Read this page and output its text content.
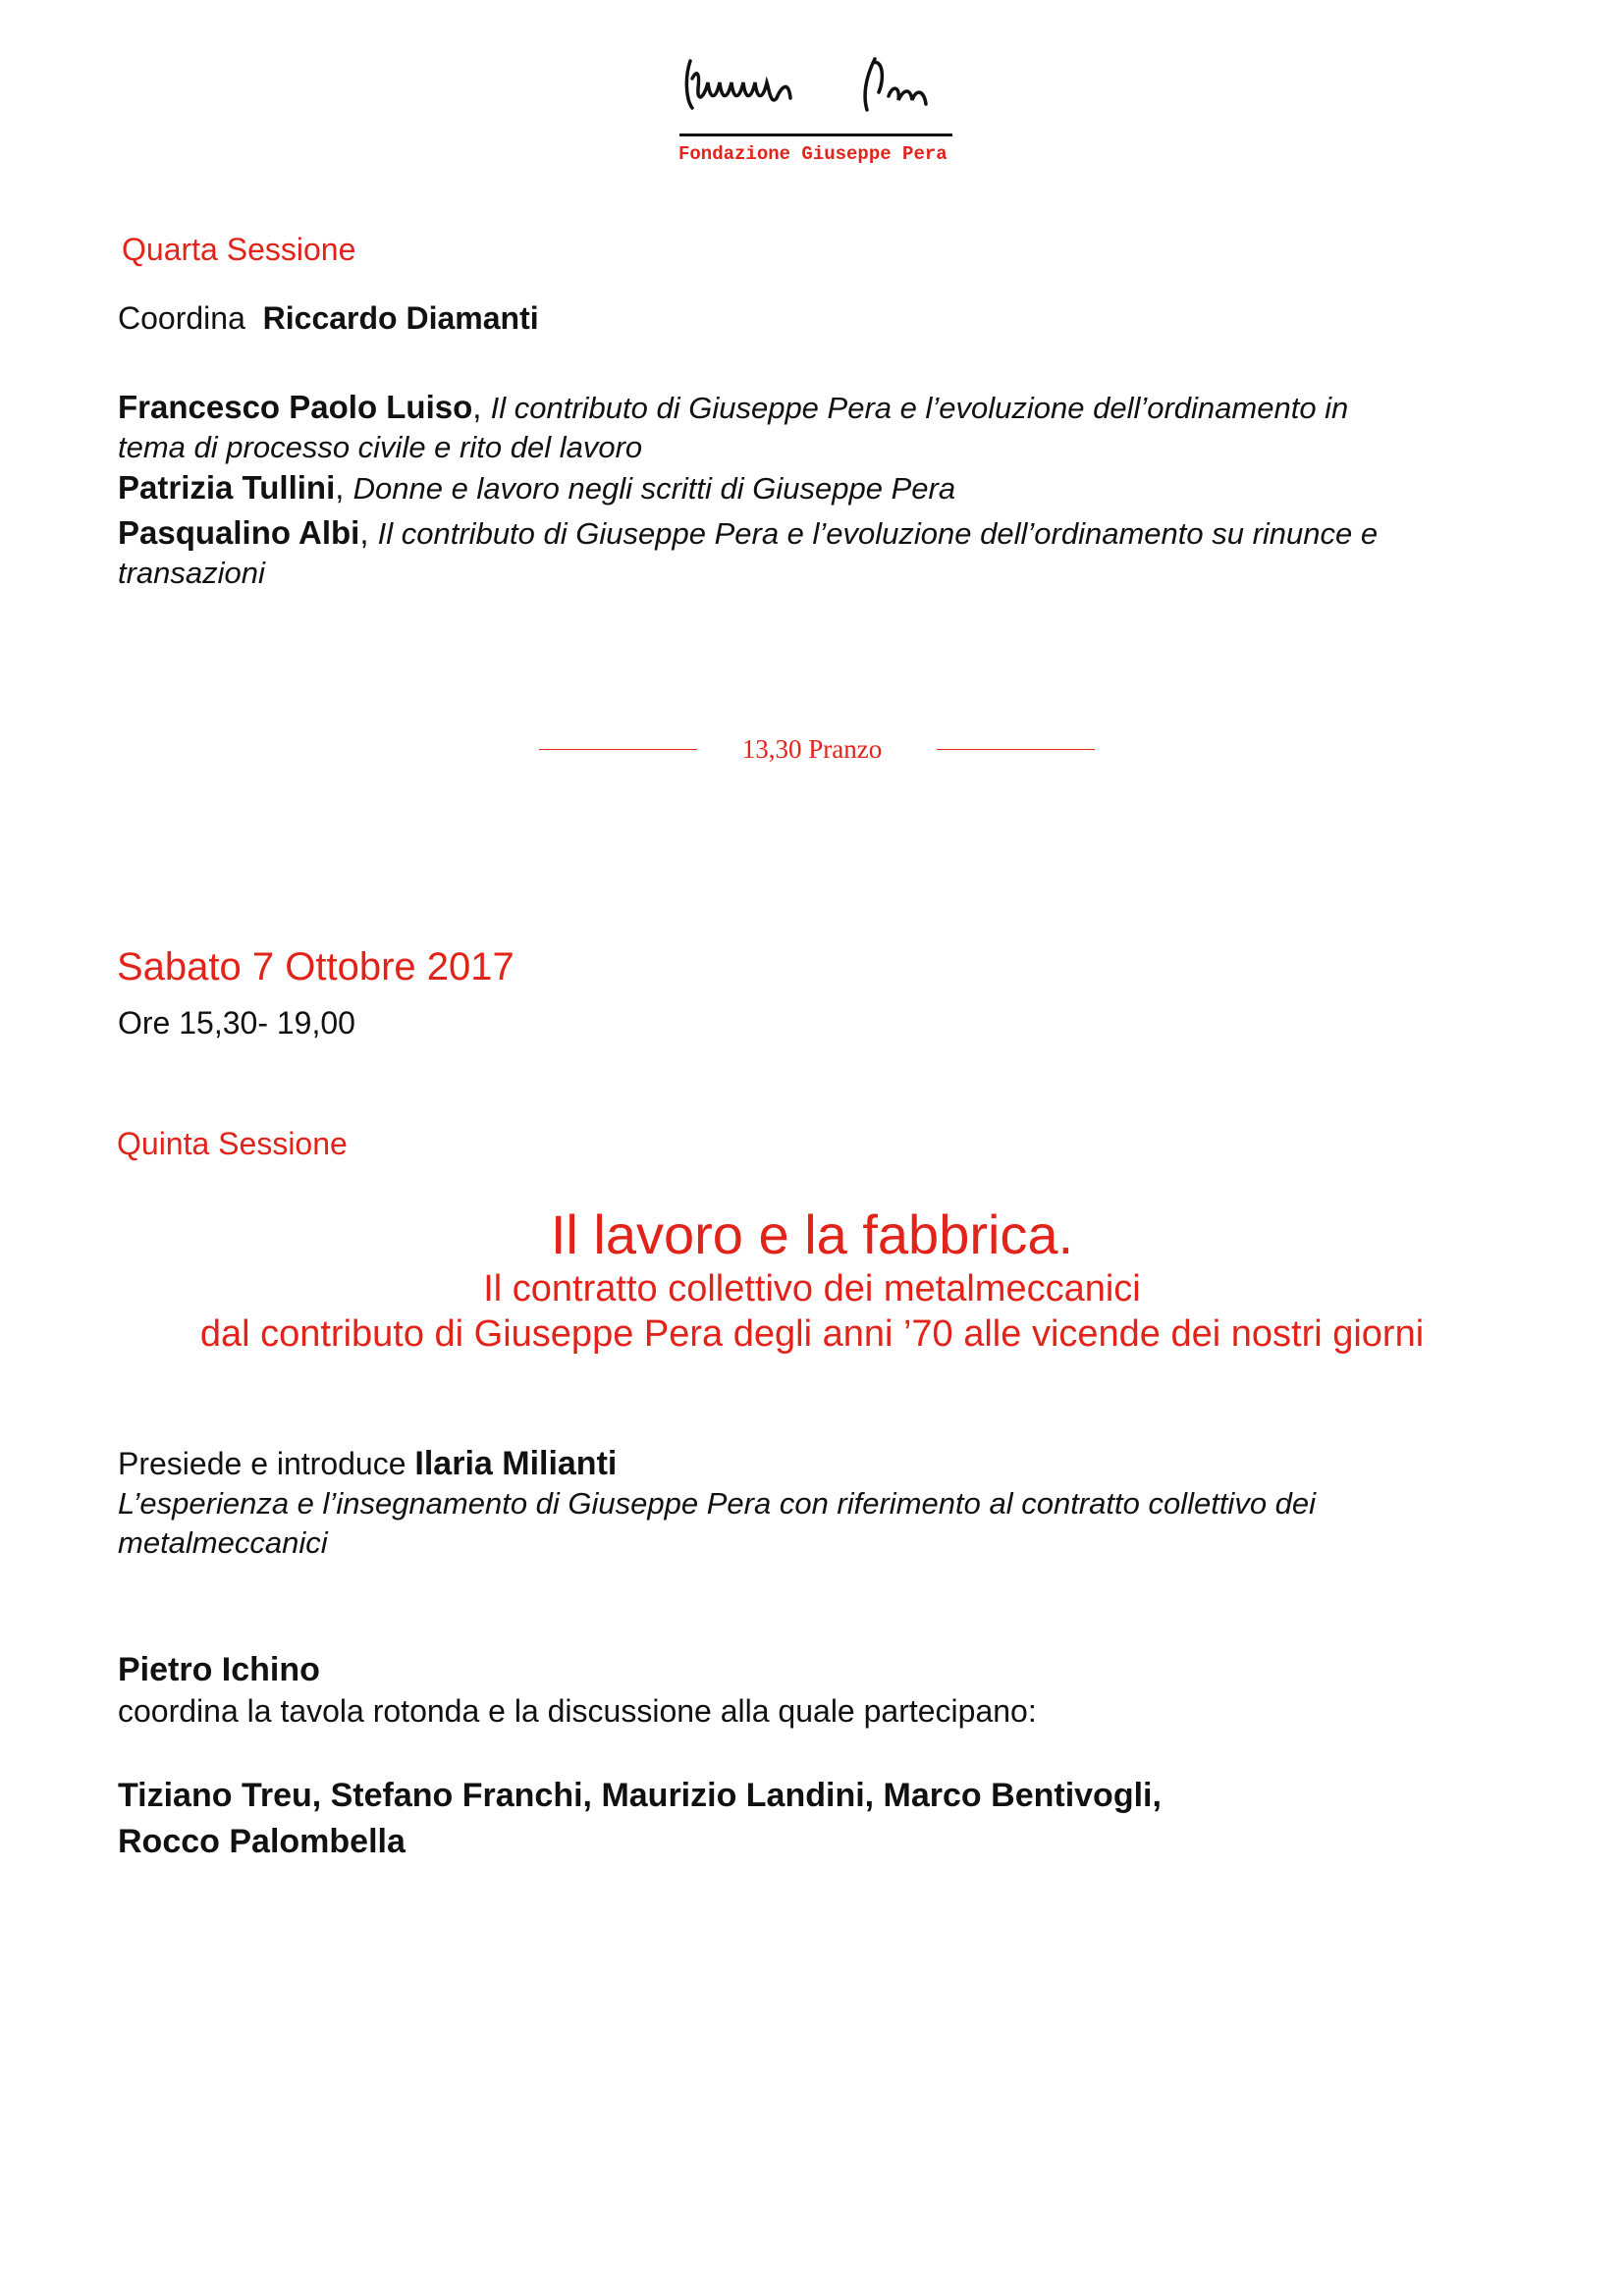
Fondazione Giuseppe Pera
Quarta Sessione
Coordina Riccardo Diamanti
Francesco Paolo Luiso, Il contributo di Giuseppe Pera e l’evoluzione dell’ordinamento in
tema di processo civile e rito del lavoro
Patrizia Tullini, Donne e lavoro negli scritti di Giuseppe Pera
Pasqualino Albi, Il contributo di Giuseppe Pera e l’evoluzione dell’ordinamento su rinunce e
transazioni
13,30 Pranzo
Sabato 7 Ottobre 2017
Ore 15,30- 19,00
Quinta Sessione
Il lavoro e la fabbrica.
Il contratto collettivo dei metalmeccanici
dal contributo di Giuseppe Pera degli anni ’70 alle vicende dei nostri giorni
Presiede e introduce Ilaria Milianti
L’esperienza e l’insegnamento di Giuseppe Pera con riferimento al contratto collettivo dei
metalmeccanici
Pietro Ichino
coordina la tavola rotonda e la discussione alla quale partecipano:
Tiziano Treu, Stefano Franchi, Maurizio Landini, Marco Bentivogli,
Rocco Palombella
